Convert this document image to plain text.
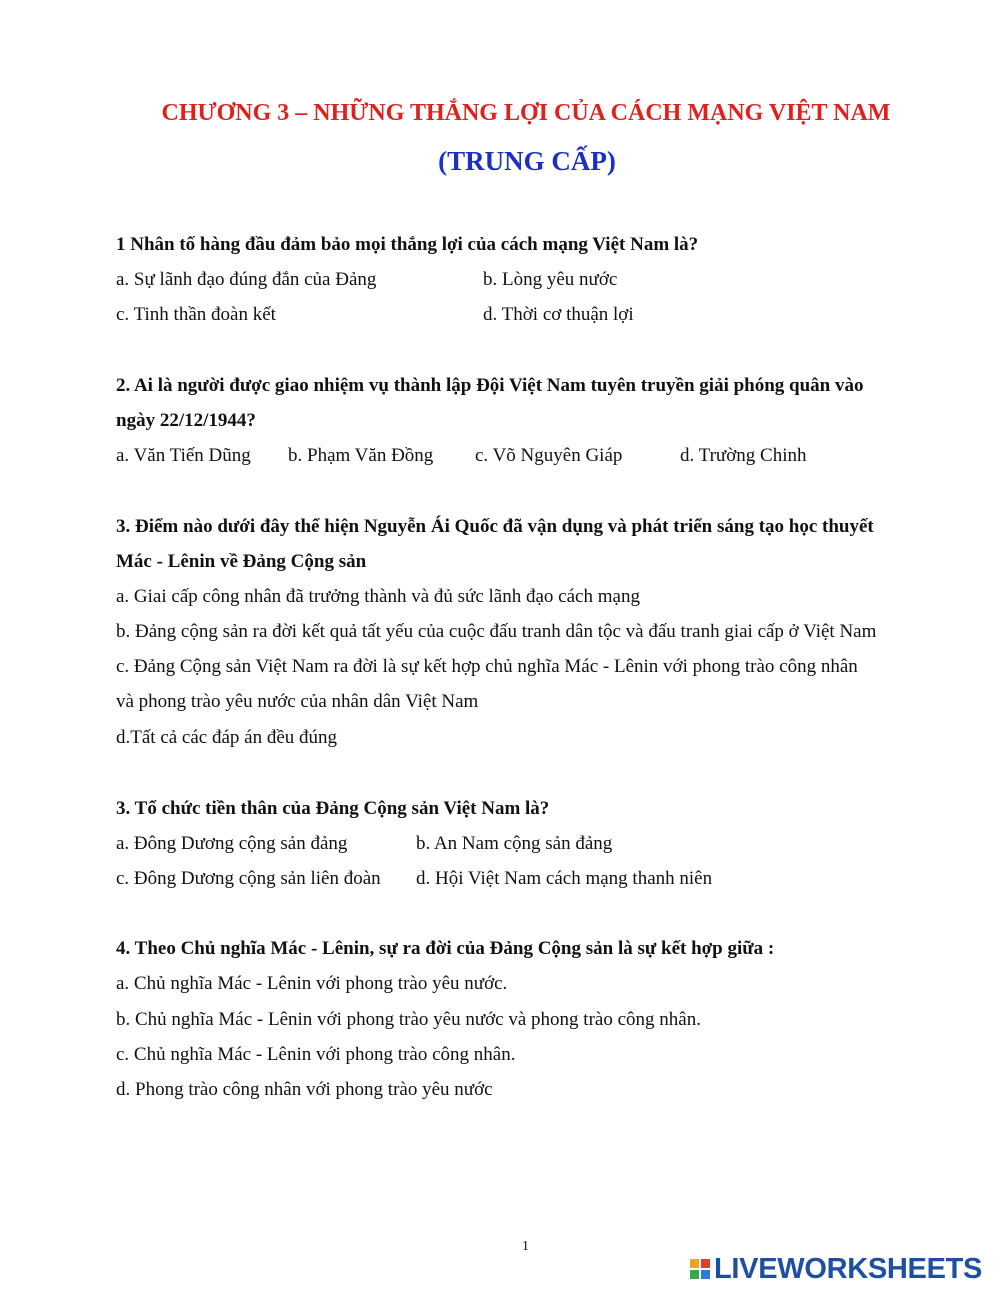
CHƯƠNG 3 – NHỮNG THẮNG LỢI CỦA CÁCH MẠNG VIỆT NAM
(TRUNG CẤP)
1 Nhân tố hàng đầu đảm bảo mọi thắng lợi của cách mạng Việt Nam là?
a. Sự lãnh đạo đúng đắn của Đảng	b. Lòng yêu nước
c. Tinh thần đoàn kết	d. Thời cơ thuận lợi
2. Ai là người được giao nhiệm vụ thành lập Đội Việt Nam tuyên truyền giải phóng quân vào
ngày 22/12/1944?
a. Văn Tiến Dũng b. Phạm Văn Đồng c. Võ Nguyên Giáp	d. Trường Chinh
3. Điểm nào dưới đây thể hiện Nguyễn Ái Quốc đã vận dụng và phát triển sáng tạo học thuyết
Mác - Lênin về Đảng Cộng sản
a. Giai cấp công nhân đã trưởng thành và đủ sức lãnh đạo cách mạng
b. Đảng cộng sản ra đời kết quả tất yếu của cuộc đấu tranh dân tộc và đấu tranh giai cấp ở Việt Nam
c. Đảng Cộng sản Việt Nam ra đời là sự kết hợp chủ nghĩa Mác - Lênin với phong trào công nhân
và phong trào yêu nước của nhân dân Việt Nam
d.Tất cả các đáp án đều đúng
3. Tổ chức tiền thân của Đảng Cộng sản Việt Nam là?
a. Đông Dương cộng sản đảng	b. An Nam cộng sản đảng
c. Đông Dương cộng sản liên đoàn d. Hội Việt Nam cách mạng thanh niên
4. Theo Chủ nghĩa Mác - Lênin, sự ra đời của Đảng Cộng sản là sự kết hợp giữa :
a. Chủ nghĩa Mác - Lênin với phong trào yêu nước.
b. Chủ nghĩa Mác - Lênin với phong trào yêu nước và phong trào công nhân.
c. Chủ nghĩa Mác - Lênin với phong trào công nhân.
d. Phong trào công nhân với phong trào yêu nước
1
LIVEWORKSHEETS
